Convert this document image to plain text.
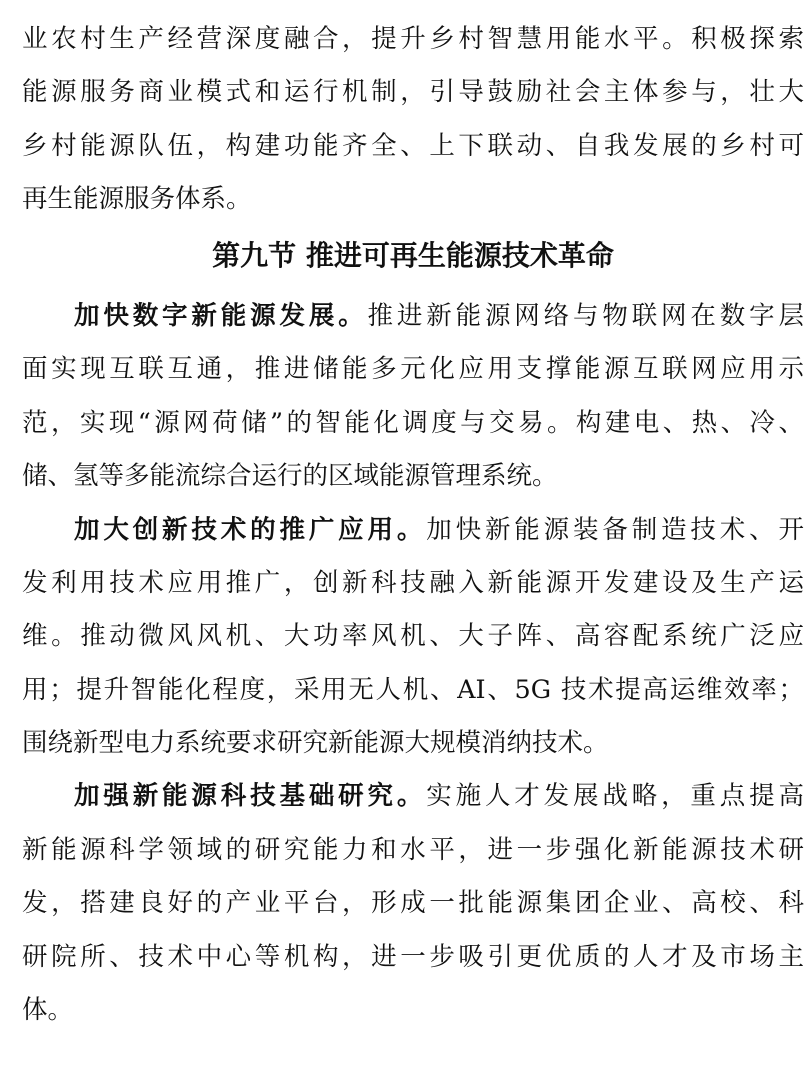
业农村生产经营深度融合，提升乡村智慧用能水平。积极探索
能源服务商业模式和运行机制，引导鼓励社会主体参与，壮大
乡村能源队伍，构建功能齐全、上下联动、自我发展的乡村可
再生能源服务体系。
第九节 推进可再生能源技术革命
加快数字新能源发展。推进新能源网络与物联网在数字层
面实现互联互通，推进储能多元化应用支撑能源互联网应用示
范，实现“源网荷储”的智能化调度与交易。构建电、热、冷、
储、氢等多能流综合运行的区域能源管理系统。
加大创新技术的推广应用。加快新能源装备制造技术、开
发利用技术应用推广，创新科技融入新能源开发建设及生产运
维。推动微风风机、大功率风机、大子阵、高容配系统广泛应
用；提升智能化程度，采用无人机、AI、5G 技术提高运维效率；
围绕新型电力系统要求研究新能源大规模消纳技术。
加强新能源科技基础研究。实施人才发展战略，重点提高
新能源科学领域的研究能力和水平，进一步强化新能源技术研
发，搭建良好的产业平台，形成一批能源集团企业、高校、科
研院所、技术中心等机构，进一步吸引更优质的人才及市场主
体。
